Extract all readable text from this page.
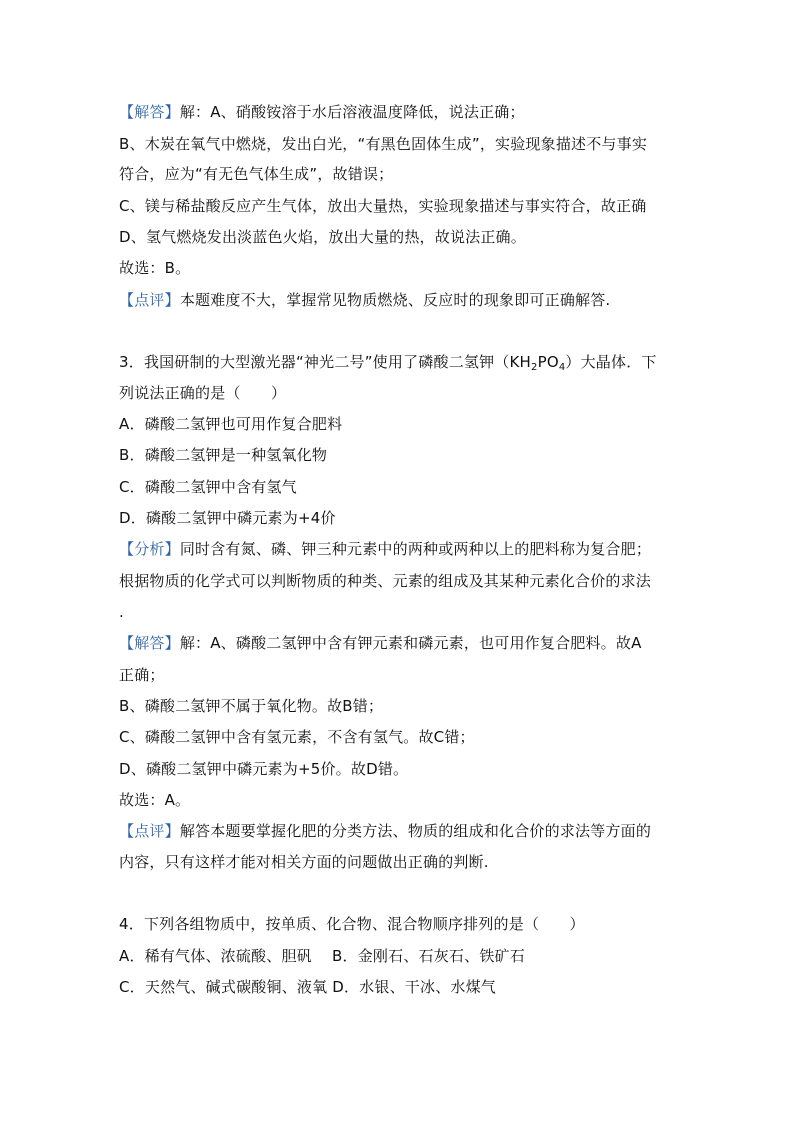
【解答】解：A、硝酸铵溶于水后溶液温度降低，说法正确；
B、木炭在氧气中燃烧，发出白光，“有黑色固体生成”，实验现象描述不与事实
符合，应为“有无色气体生成”，故错误；
C、镁与稀盐酸反应产生气体，放出大量热，实验现象描述与事实符合，故正确
D、氢气燃烧发出淡蓝色火焰，放出大量的热，故说法正确。
故选：B。
【点评】本题难度不大，掌握常见物质燃烧、反应时的现象即可正确解答.
3．我国研制的大型激光器“神光二号”使用了磷酸二氢钾$(KH_2PO_4)$大晶体．下
列说法正确的是（　　）
A．磷酸二氢钾也可用作复合肥料
B．磷酸二氢钾是一种氢氧化物
C．磷酸二氢钾中含有氢气
D．磷酸二氢钾中磷元素为+4价
【分析】同时含有氮、磷、钾三种元素中的两种或两种以上的肥料称为复合肥；
根据物质的化学式可以判断物质的种类、元素的组成及其某种元素化合价的求法
.
【解答】解：A、磷酸二氢钾中含有钾元素和磷元素，也可用作复合肥料。故A
正确；
B、磷酸二氢钾不属于氧化物。故B错；
C、磷酸二氢钾中含有氢元素，不含有氢气。故C错；
D、磷酸二氢钾中磷元素为+5价。故D错。
故选：A。
【点评】解答本题要掌握化肥的分类方法、物质的组成和化合价的求法等方面的
内容，只有这样才能对相关方面的问题做出正确的判断.
4．下列各组物质中，按单质、化合物、混合物顺序排列的是（　　）
A．稀有气体、浓硫酸、胆矾　 B．金刚石、石灰石、铁矿石
C．天然气、碱式碳酸铜、液氧 D．水银、干冰、水煤气
